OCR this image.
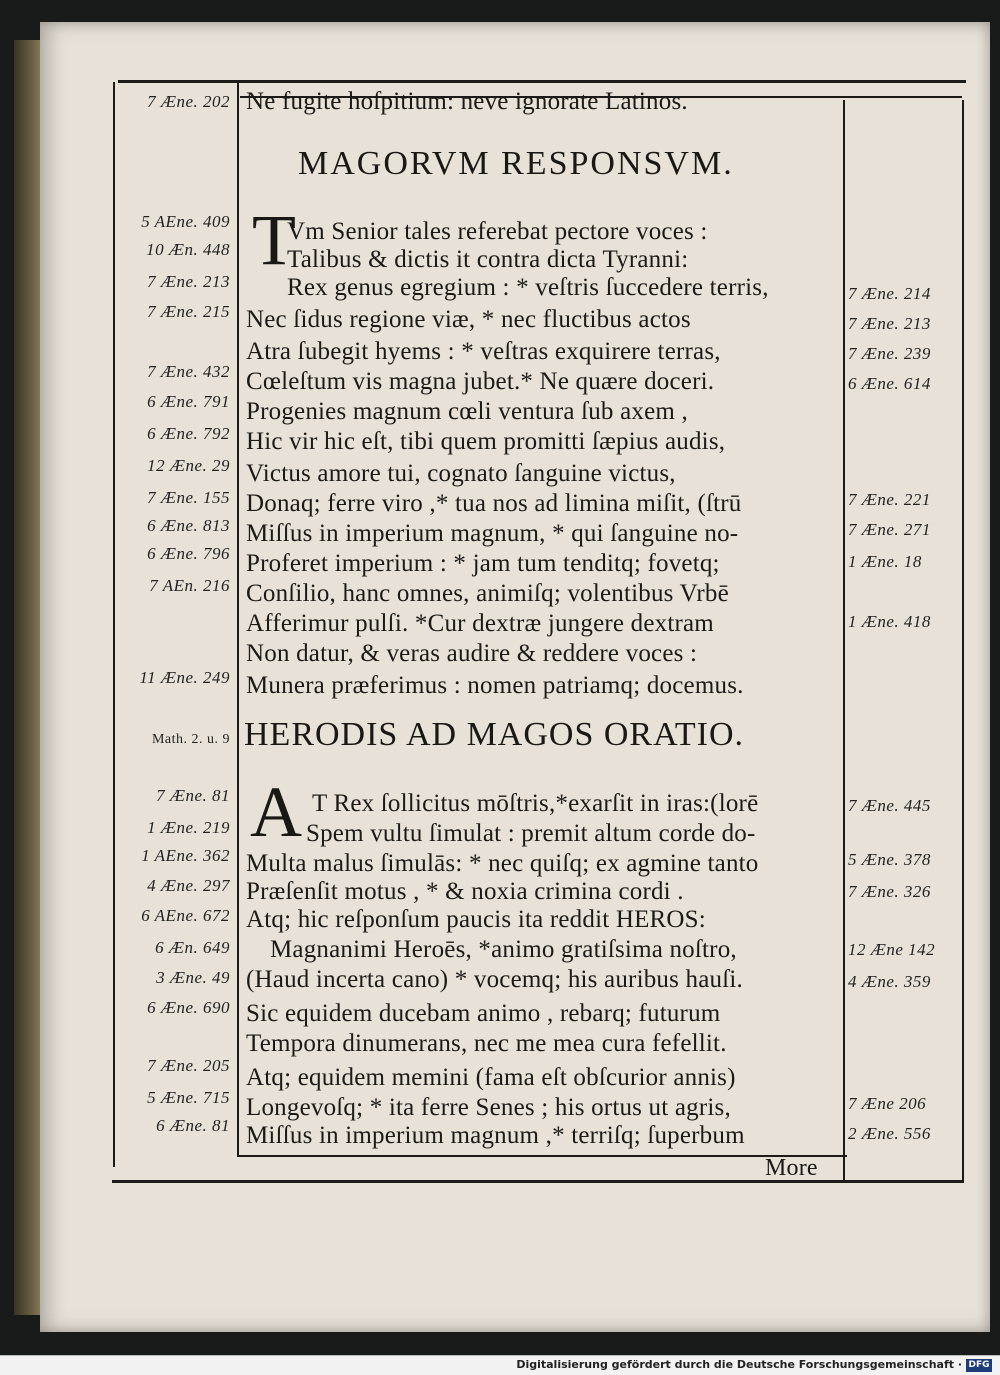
Ne fugite hoſpitium: neve ignorate Latinos.
MAGORVM RESPONSVM.
T
Vm Senior tales referebat pectore voces :
Talibus & dictis it contra dicta Tyranni:
Rex genus egregium : * veſtris ſuccedere terris,
Nec ſidus regione viæ, * nec fluctibus actos
Atra ſubegit hyems : * veſtras exquirere terras,
Cœleſtum vis magna jubet.* Ne quære doceri.
Progenies magnum cœli ventura ſub axem ,
Hic vir hic eſt, tibi quem promitti ſæpius audis,
Victus amore tui, cognato ſanguine victus,
Donaq; ferre viro ,* tua nos ad limina miſit, (ſtrū
Miſſus in imperium magnum, * qui ſanguine no-
Proferet imperium : * jam tum tenditq; fovetq;
Conſilio, hanc omnes, animiſq; volentibus Vrbē
Afferimur pulſi. *Cur dextræ jungere dextram
Non datur, & veras audire & reddere voces :
Munera præferimus : nomen patriamq; docemus.
HERODIS AD MAGOS ORATIO.
A T Rex ſollicitus mōſtris,*exarſit in iras:(lorē
Spem vultu ſimulat : premit altum corde do-
Multa malus ſimulās: * nec quiſq; ex agmine tanto
Præſenſit motus , * & noxia crimina cordi .
Atq; hic reſponſum paucis ita reddit HEROS:
Magnanimi Heroēs, *animo gratiſsima noſtro,
(Haud incerta cano) * vocemq; his auribus hauſi.
Sic equidem ducebam animo , rebarq; futurum
Tempora dinumerans, nec me mea cura fefellit.
Atq; equidem memini (fama eſt obſcurior annis)
Longevoſq; * ita ferre Senes ; his ortus ut agris,
Miſſus in imperium magnum ,* terriſq; ſuperbum
More
7 Æne. 202
5 AEne. 409
10 Æn. 448
7 Æne. 213
7 Æne. 215
7 Æne. 432
6 Æne. 791
6 Æne. 792
12 Æne. 29
7 Æne. 155
6 Æne. 813
6 Æne. 796
7 AEn. 216
11 Æne. 249
Math. 2. u. 9
7 Æne. 81
1 Æne. 219
1 AEne. 362
4 Æne. 297
6 AEne. 672
6 Æn. 649
3 Æne. 49
6 Æne. 690
7 Æne. 205
5 Æne. 715
6 Æne. 81
7 Æne. 214
7 Æne. 213
7 Æne. 239
6 Æne. 614
7 Æne. 221
7 Æne. 271
1 Æne. 18
1 Æne. 418
7 Æne. 445
5 Æne. 378
7 Æne. 326
12 Æne 142
4 Æne. 359
7 Æne 206
2 Æne. 556
Digitalisierung gefördert durch die Deutsche Forschungsgemeinschaft · DFG
